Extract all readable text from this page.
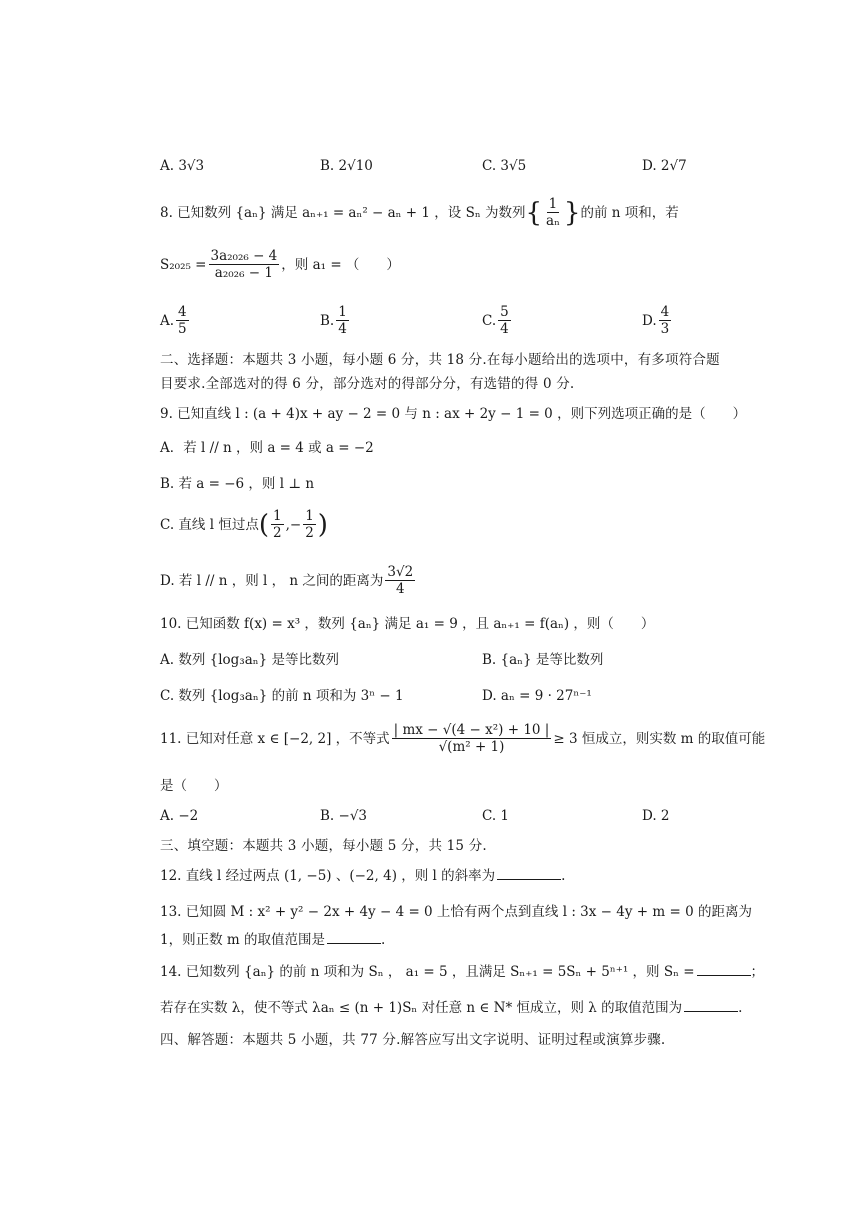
A. 3√3	B. 2√10	C. 3√5	D. 2√7
8. 已知数列 {aₙ} 满足 aₙ₊₁ = aₙ² − aₙ + 1 ，设 Sₙ 为数列 { $\frac{1}{\text{aₙ}}$ } 的前 n 项和，若
$S_{2025} = \frac{\text{3a₂₀₂₆ − 4}}{\text{a₂₀₂₆ − 1}}$ ，则 a₁ = （　　）
A. $\frac{4}{5}$	B. $\frac{1}{4}$	C. $\frac{5}{4}$	D. $\frac{4}{3}$
二、选择题：本题共 3 小题，每小题 6 分，共 18 分.在每小题给出的选项中，有多项符合题
目要求.全部选对的得 6 分，部分选对的得部分分，有选错的得 0 分.
9. 已知直线 l : (a + 4)x + ay − 2 = 0 与 n : ax + 2y − 1 = 0 ，则下列选项正确的是（　　）
A．若 l // n ，则 a = 4 或 a = −2
B. 若 a = −6 ，则 l ⊥ n
C. 直线 l 恒过点 ( $\frac{1}{2}$ ,− $\frac{1}{2}$ )
D. 若 l // n ，则 l ， n 之间的距离为 $\frac{3√2}{4}$
10. 已知函数 f(x) = x³ ，数列 {aₙ} 满足 a₁ = 9 ，且 aₙ₊₁ = f(aₙ) ，则（　　）
A. 数列 {log₃aₙ} 是等比数列	B. {aₙ} 是等比数列
C. 数列 {log₃aₙ} 的前 n 项和为 3ⁿ − 1	D. aₙ = 9 · 27ⁿ⁻¹
11. 已知对任意 x ∈ [−2, 2] ，不等式 $\frac{\text{| mx − √(4 − x²) + 10 |}}{\text{√(m² + 1)}} \ge 3$ 恒成立，则实数 m 的取值可能
是（　　）
A. −2	B. −√3	C. 1	D. 2
三、填空题：本题共 3 小题，每小题 5 分，共 15 分.
12. 直线 l 经过两点 (1, −5) 、(−2, 4) ，则 l 的斜率为	.
13. 已知圆 M : x² + y² − 2x + 4y − 4 = 0 上恰有两个点到直线 l : 3x − 4y + m = 0 的距离为
1，则正数 m 的取值范围是	.
14. 已知数列 {aₙ} 的前 n 项和为 Sₙ ， a₁ = 5 ，且满足 Sₙ₊₁ = 5Sₙ + 5ⁿ⁺¹ ，则 Sₙ =	；
若存在实数 λ，使不等式 λaₙ ≤ (n + 1)Sₙ 对任意 n ∈ N* 恒成立，则 λ 的取值范围为	.
四、解答题：本题共 5 小题，共 77 分.解答应写出文字说明、证明过程或演算步骤.
